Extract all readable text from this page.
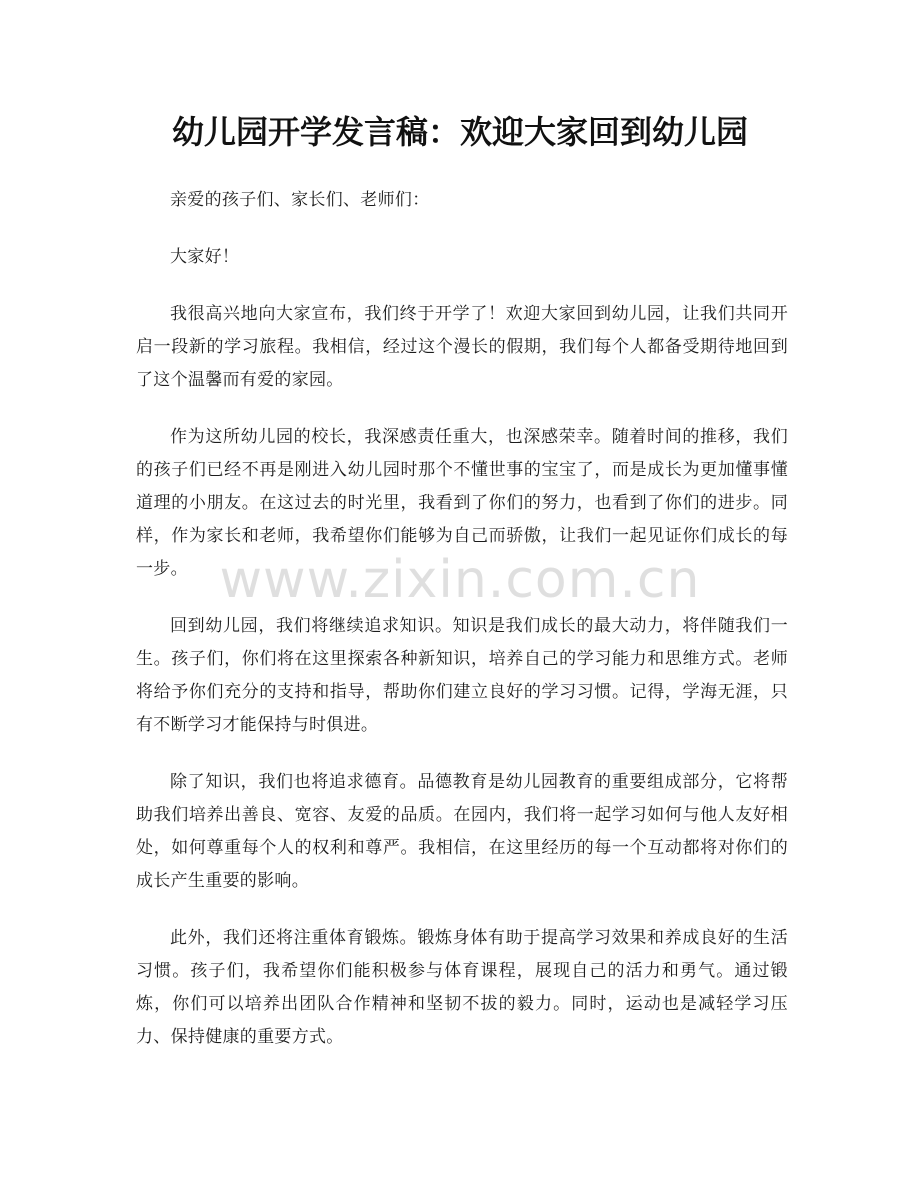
幼儿园开学发言稿：欢迎大家回到幼儿园

亲爱的孩子们、家长们、老师们：

大家好！

我很高兴地向大家宣布，我们终于开学了！欢迎大家回到幼儿园，让我们共同开启一段新的学习旅程。我相信，经过这个漫长的假期，我们每个人都备受期待地回到了这个温馨而有爱的家园。

作为这所幼儿园的校长，我深感责任重大，也深感荣幸。随着时间的推移，我们的孩子们已经不再是刚进入幼儿园时那个不懂世事的宝宝了，而是成长为更加懂事懂道理的小朋友。在这过去的时光里，我看到了你们的努力，也看到了你们的进步。同样，作为家长和老师，我希望你们能够为自己而骄傲，让我们一起见证你们成长的每一步。

回到幼儿园，我们将继续追求知识。知识是我们成长的最大动力，将伴随我们一生。孩子们，你们将在这里探索各种新知识，培养自己的学习能力和思维方式。老师将给予你们充分的支持和指导，帮助你们建立良好的学习习惯。记得，学海无涯，只有不断学习才能保持与时俱进。

除了知识，我们也将追求德育。品德教育是幼儿园教育的重要组成部分，它将帮助我们培养出善良、宽容、友爱的品质。在园内，我们将一起学习如何与他人友好相处，如何尊重每个人的权利和尊严。我相信，在这里经历的每一个互动都将对你们的成长产生重要的影响。

此外，我们还将注重体育锻炼。锻炼身体有助于提高学习效果和养成良好的生活习惯。孩子们，我希望你们能积极参与体育课程，展现自己的活力和勇气。通过锻炼，你们可以培养出团队合作精神和坚韧不拔的毅力。同时，运动也是减轻学习压力、保持健康的重要方式。

www.zixin.com.cn
